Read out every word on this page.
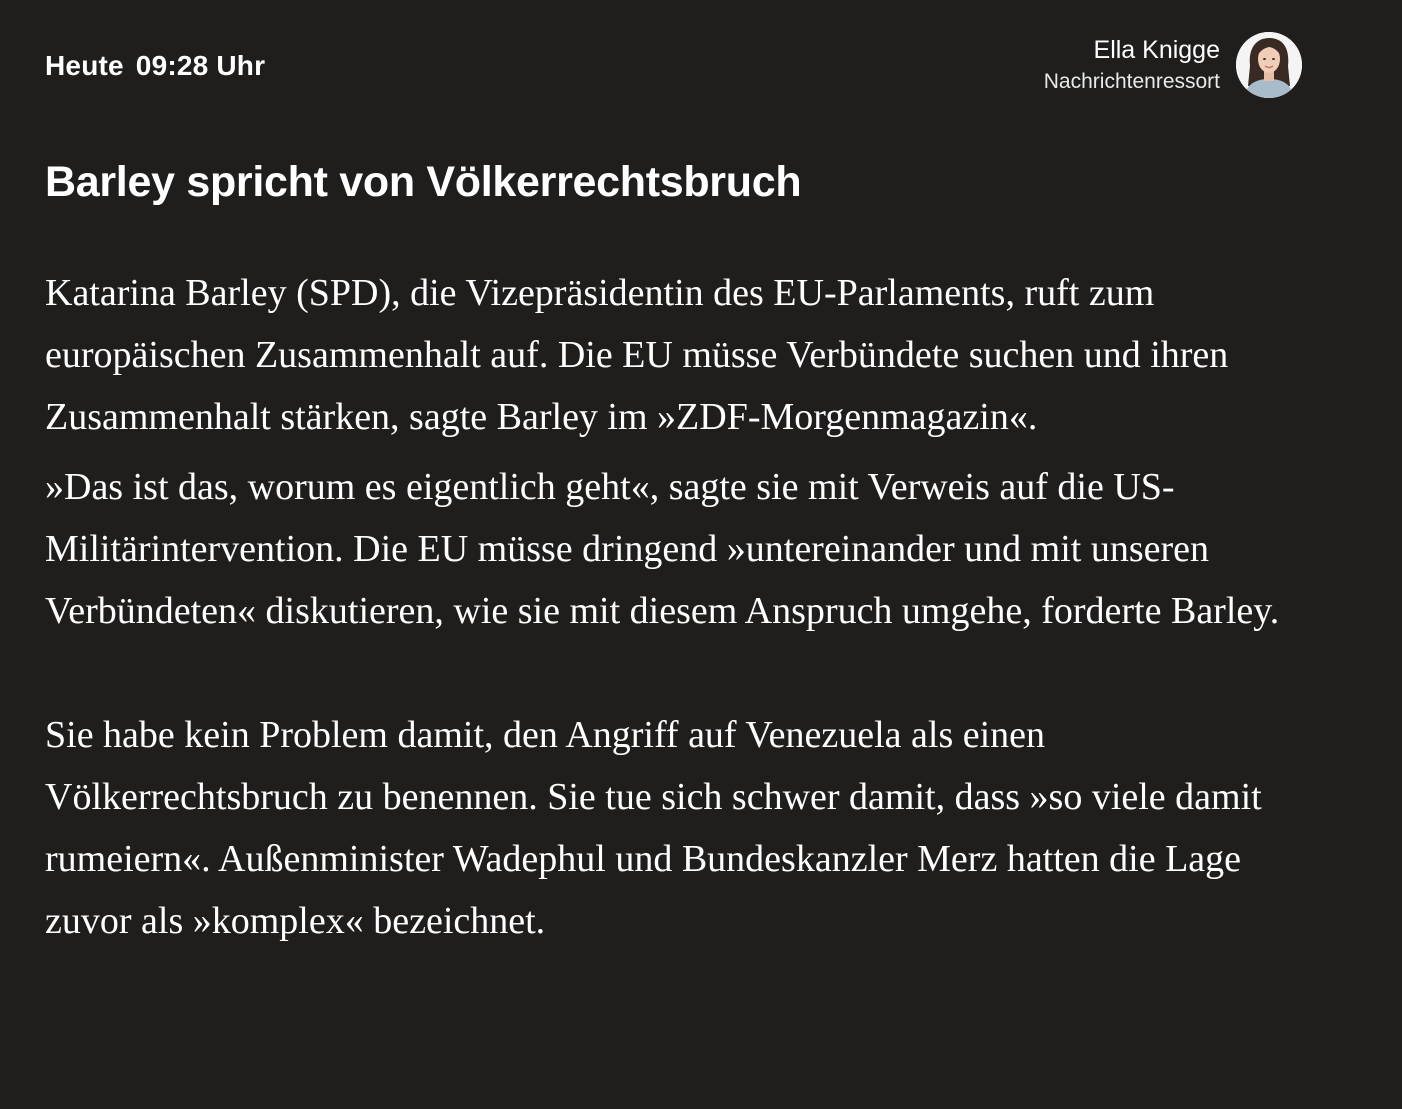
Heute 09:28 Uhr	Ella Knigge
Nachrichtenressort
Barley spricht von Völkerrechtsbruch

Katarina Barley (SPD), die Vizepräsidentin des EU-Parlaments, ruft zum europäischen Zusammenhalt auf. Die EU müsse Verbündete suchen und ihren Zusammenhalt stärken, sagte Barley im »ZDF-Morgenmagazin«.

»Das ist das, worum es eigentlich geht«, sagte sie mit Verweis auf die US-Militärintervention. Die EU müsse dringend »untereinander und mit unseren Verbündeten« diskutieren, wie sie mit diesem Anspruch umgehe, forderte Barley.

Sie habe kein Problem damit, den Angriff auf Venezuela als einen Völkerrechtsbruch zu benennen. Sie tue sich schwer damit, dass »so viele damit rumeiern«. Außenminister Wadephul und Bundeskanzler Merz hatten die Lage zuvor als »komplex« bezeichnet.
